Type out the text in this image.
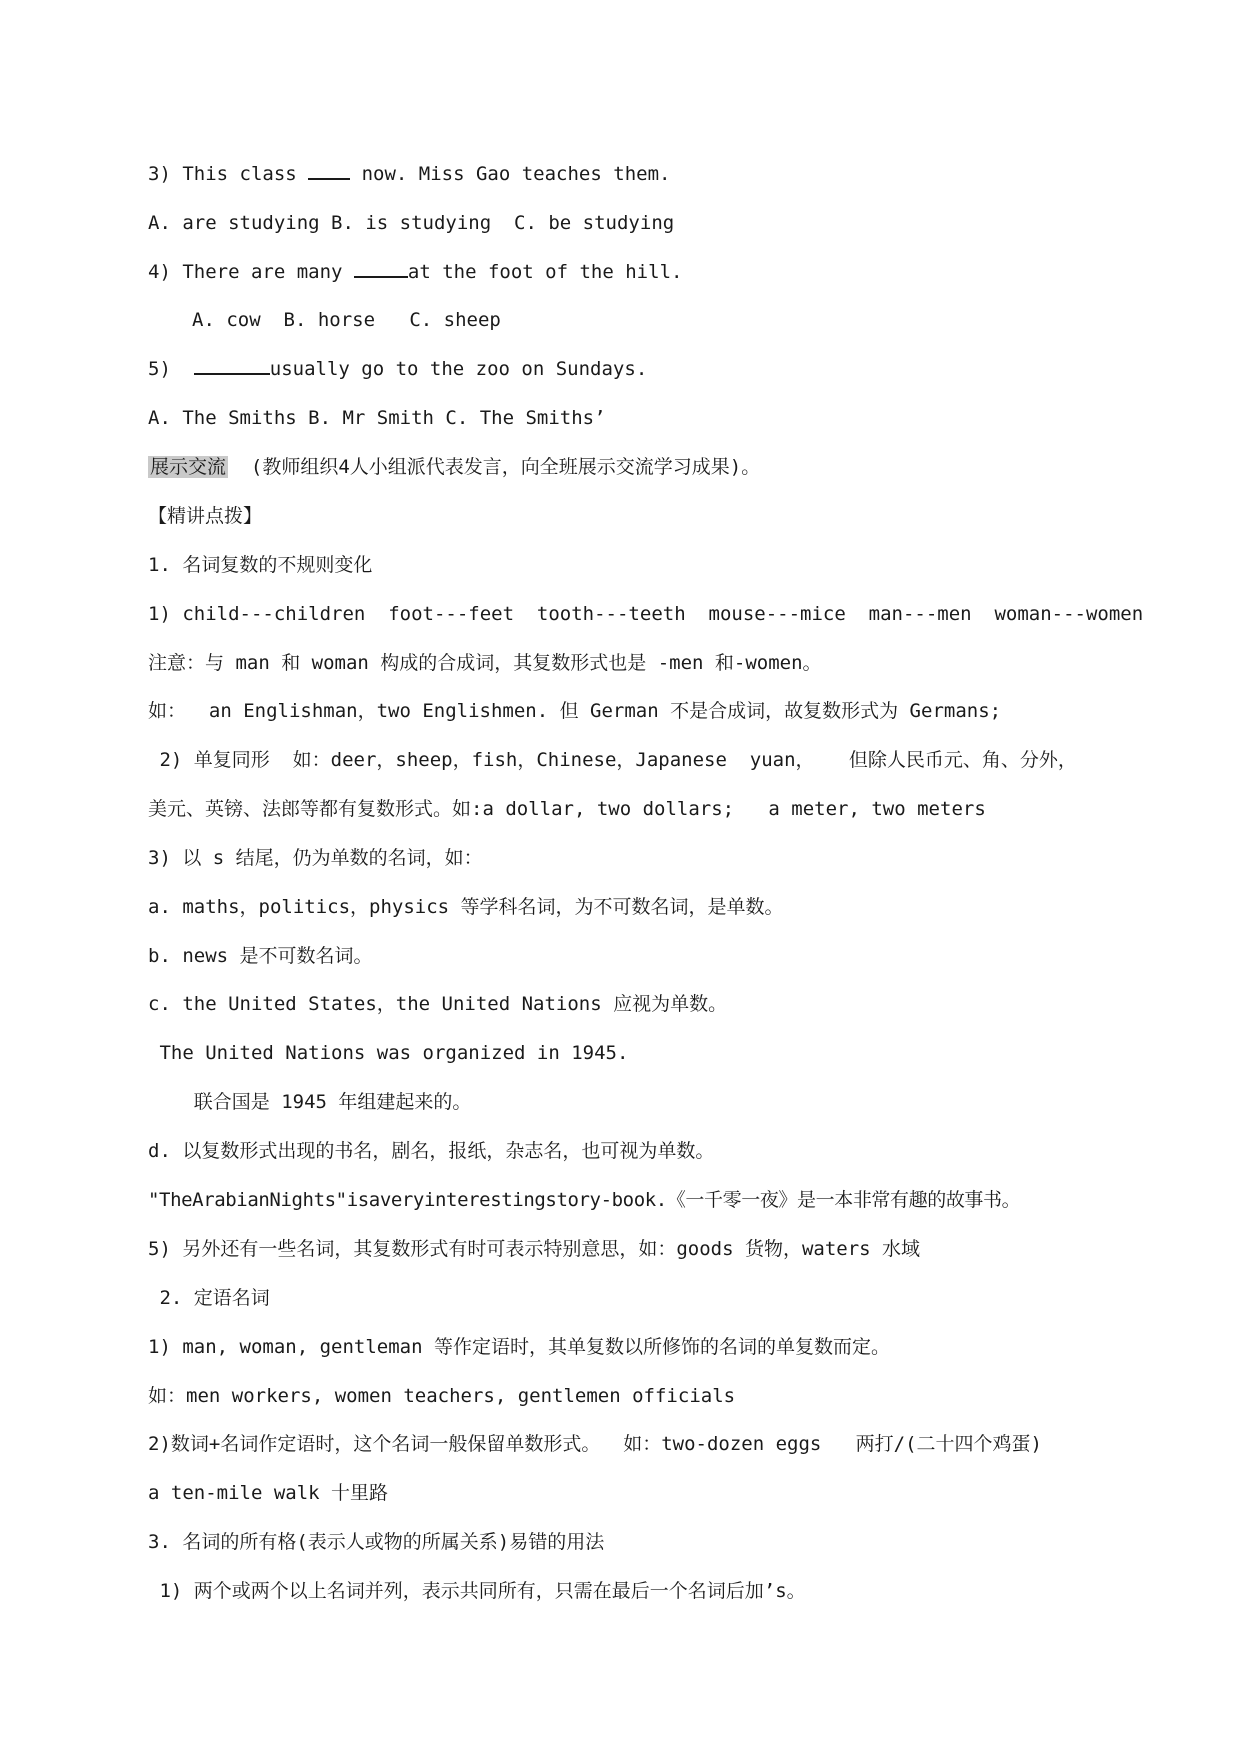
3) This class  now. Miss Gao teaches them.
A. are studying B. is studying  C. be studying
4) There are many	at the foot of the hill.
A. cow  B. horse   C. sheep
5)	usually go to the zoo on Sundays.
A. The Smiths B. Mr Smith C. The Smiths’
展示交流  (教师组织4人小组派代表发言，向全班展示交流学习成果)。
【精讲点拨】
1. 名词复数的不规则变化
1) child---children  foot---feet  tooth---teeth  mouse---mice  man---men  woman---women
注意：与 man 和 woman 构成的合成词，其复数形式也是 -men 和-women。
如：  an Englishman，two Englishmen. 但 German 不是合成词，故复数形式为 Germans;
2) 单复同形  如：deer，sheep，fish，Chinese，Japanese  yuan，   但除人民币元、角、分外，
美元、英镑、法郎等都有复数形式。如:a dollar, two dollars;   a meter, two meters
3) 以 s 结尾，仍为单数的名词，如：
a. maths，politics，physics 等学科名词，为不可数名词，是单数。
b. news 是不可数名词。
c. the United States，the United Nations 应视为单数。
The United Nations was organized in 1945.
联合国是 1945 年组建起来的。
d. 以复数形式出现的书名，剧名，报纸，杂志名，也可视为单数。
"TheArabianNights"isaveryinterestingstory-book.《一千零一夜》是一本非常有趣的故事书。
5) 另外还有一些名词，其复数形式有时可表示特别意思，如：goods 货物，waters 水域
2. 定语名词
1) man, woman, gentleman 等作定语时，其单复数以所修饰的名词的单复数而定。
如：men workers, women teachers, gentlemen officials
2)数词+名词作定语时，这个名词一般保留单数形式。  如：two-dozen eggs   两打/(二十四个鸡蛋)
a ten-mile walk 十里路
3. 名词的所有格(表示人或物的所属关系)易错的用法
1) 两个或两个以上名词并列，表示共同所有，只需在最后一个名词后加’s。
